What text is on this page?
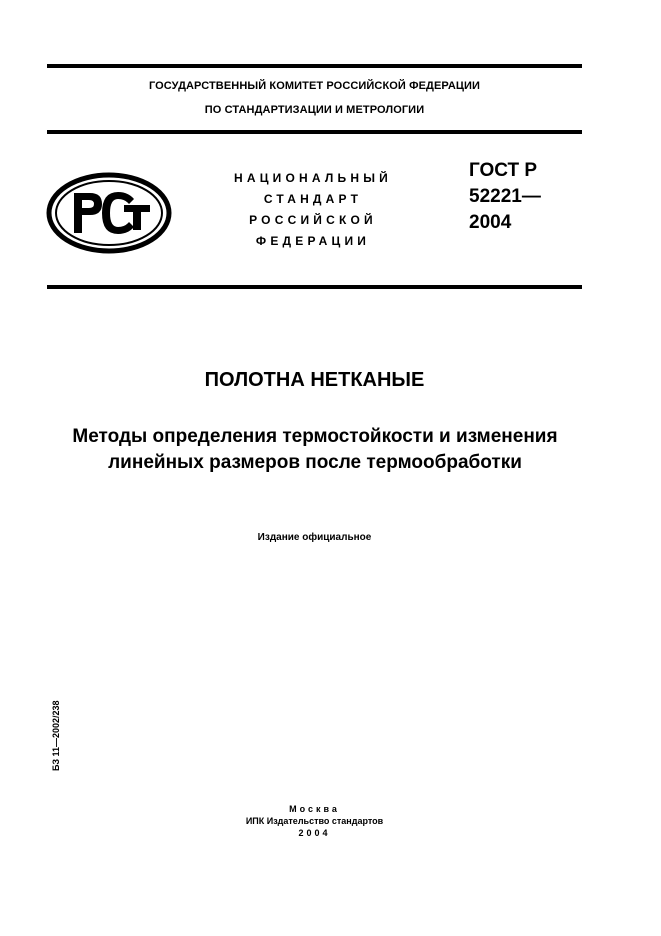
ГОСУДАРСТВЕННЫЙ КОМИТЕТ РОССИЙСКОЙ ФЕДЕРАЦИИ
ПО СТАНДАРТИЗАЦИИ И МЕТРОЛОГИИ
НАЦИОНАЛЬНЫЙ
СТАНДАРТ
РОССИЙСКОЙ
ФЕДЕРАЦИИ
ГОСТ Р
52221—
2004
ПОЛОТНА НЕТКАНЫЕ
Методы определения термостойкости и изменения
линейных размеров после термообработки
Издание официальное
БЗ 11—2002/238
Москва
ИПК Издательство стандартов
2004
